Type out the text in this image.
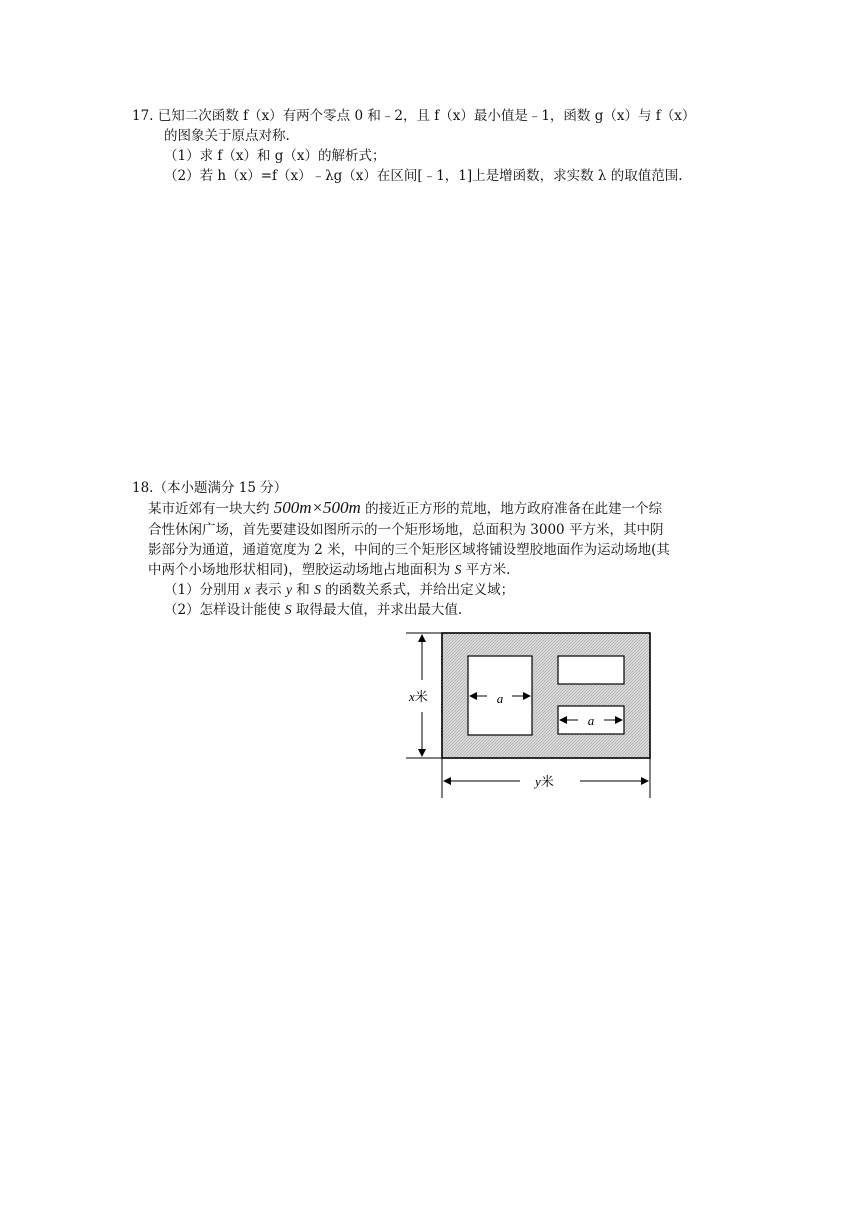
17. 已知二次函数 f（x）有两个零点 0 和﹣2，且 f（x）最小值是﹣1，函数 g（x）与 f（x）
的图象关于原点对称.
（1）求 f（x）和 g（x）的解析式；
（2）若 h（x）=f（x）﹣λg（x）在区间[﹣1，1]上是增函数，求实数 λ 的取值范围.
18.（本小题满分 15 分）
某市近郊有一块大约 500m×500m 的接近正方形的荒地，地方政府准备在此建一个综
合性休闲广场，首先要建设如图所示的一个矩形场地，总面积为 3000 平方米，其中阴
影部分为通道，通道宽度为 2 米，中间的三个矩形区域将铺设塑胶地面作为运动场地(其
中两个小场地形状相同)，塑胶运动场地占地面积为 S 平方米.
（1）分别用 x 表示 y 和 S 的函数关系式，并给出定义域；
（2）怎样设计能使 S 取得最大值，并求出最大值.
a
a
x米
y米
